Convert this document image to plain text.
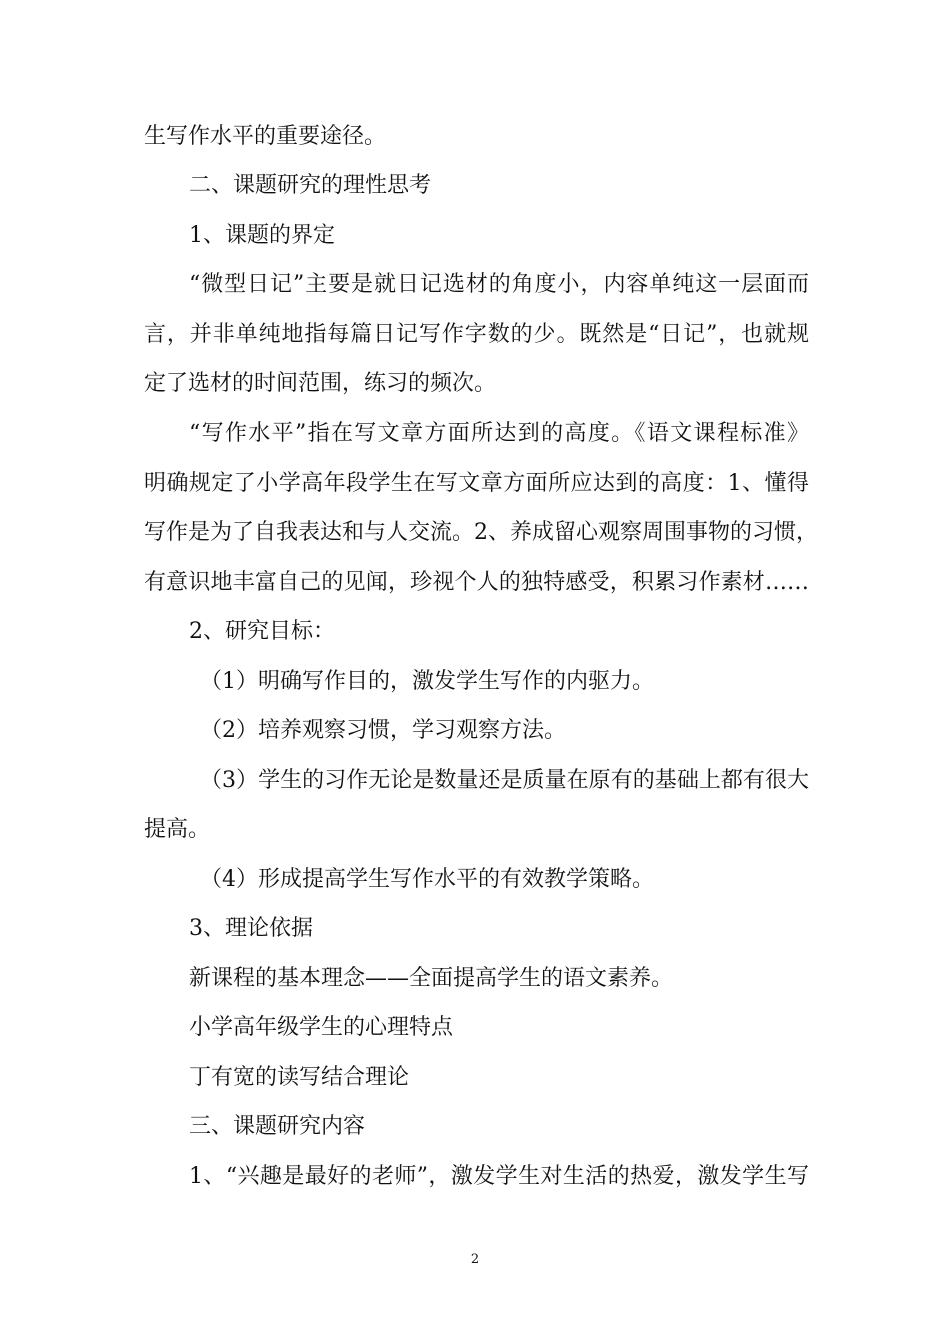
生写作水平的重要途径。
二、课题研究的理性思考
1、课题的界定
“微型日记”主要是就日记选材的角度小，内容单纯这一层面而
言，并非单纯地指每篇日记写作字数的少。既然是“日记”，也就规
定了选材的时间范围，练习的频次。
“写作水平”指在写文章方面所达到的高度。《语文课程标准》
明确规定了小学高年段学生在写文章方面所应达到的高度：1、懂得
写作是为了自我表达和与人交流。2、养成留心观察周围事物的习惯，
有意识地丰富自己的见闻，珍视个人的独特感受，积累习作素材……
2、研究目标：
（1）明确写作目的，激发学生写作的内驱力。
（2）培养观察习惯，学习观察方法。
（3）学生的习作无论是数量还是质量在原有的基础上都有很大
提高。
（4）形成提高学生写作水平的有效教学策略。
3、理论依据
新课程的基本理念——全面提高学生的语文素养。
小学高年级学生的心理特点
丁有宽的读写结合理论
三、课题研究内容
1、“兴趣是最好的老师”，激发学生对生活的热爱，激发学生写
2
